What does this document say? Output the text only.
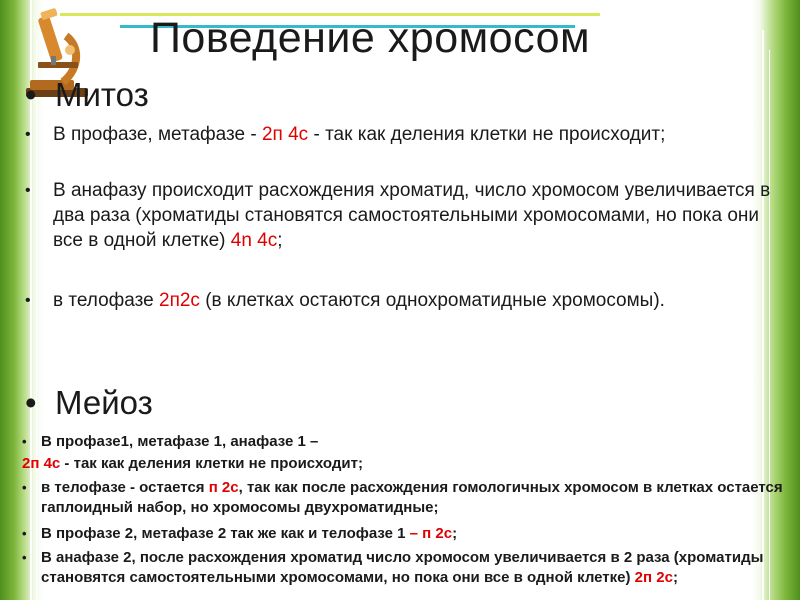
Поведение хромосом
• Митоз
• В профазе, метафазе - 2п 4с - так как деления клетки не происходит;
• В анафазу происходит расхождения хроматид, число хромосом увеличивается в два раза (хроматиды становятся самостоятельными хромосомами, но пока они все в одной клетке) 4n 4с;
• в телофазе 2п2с (в клетках остаются однохроматидные хромосомы).
• Мейоз
• В профазе1, метафазе 1, анафазе 1 –
2п 4с - так как деления клетки не происходит;
• в телофазе - остается п 2с, так как после расхождения гомологичных хромосом в клетках остается гаплоидный набор, но хромосомы двухроматидные;
• В профазе 2, метафазе 2 так же как и телофазе 1 – п 2с;
• В анафазе 2, после расхождения хроматид число хромосом увеличивается в 2 раза (хроматиды становятся самостоятельными хромосомами, но пока они все в одной клетке) 2п 2с;
